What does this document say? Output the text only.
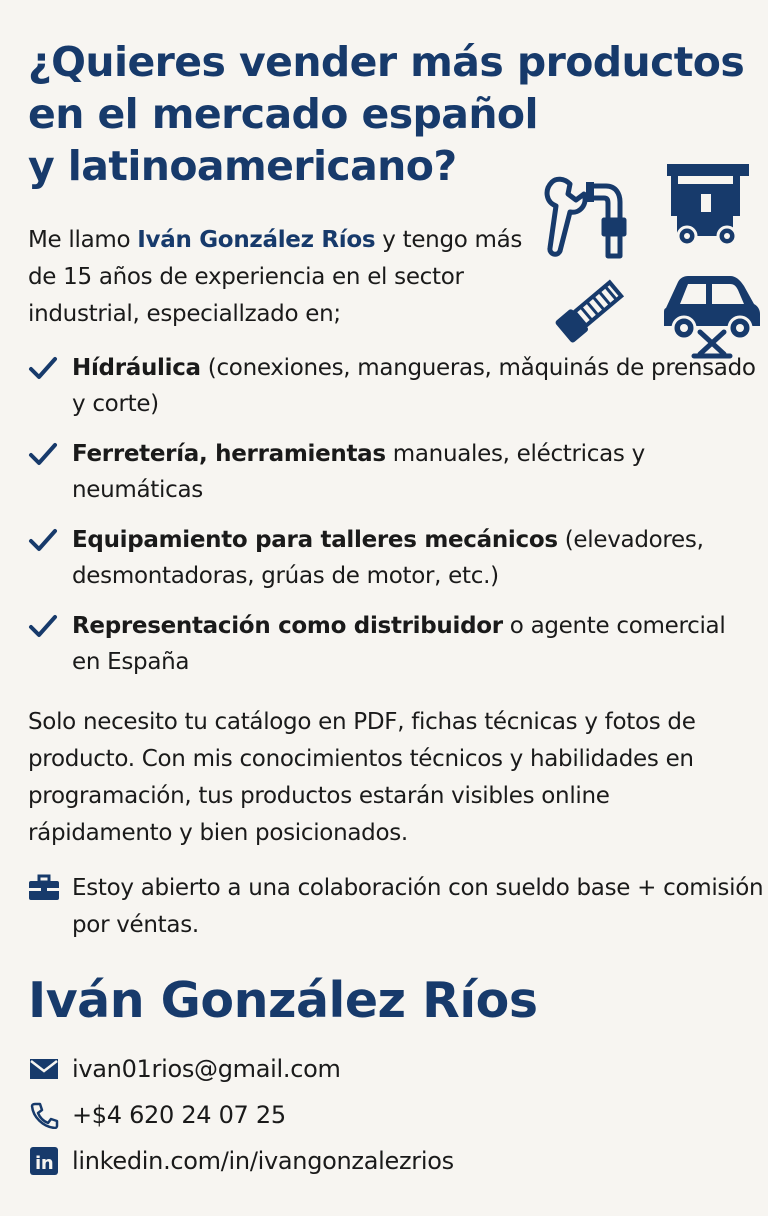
¿Quieres vender más productos
en el mercado español
y latinoamericano?

Me llamo Iván González Ríos y tengo más de 15 años de experiencia en el sector industrial, especiallzado en;

Hídráulica (conexiones, mangueras, mǎquinás de prensado y corte)
Ferretería, herramientas manuales, eléctricas y neumáticas
Equipamiento para talleres mecánicos (elevadores, desmontadoras, grúas de motor, etc.)
Representación como distribuidor o agente comercial en España

Solo necesito tu catálogo en PDF, fichas técnicas y fotos de producto. Con mis conocimientos técnicos y habilidades en programación, tus productos estarán visibles online rápidamento y bien posicionados.

Estoy abierto a una colaboración con sueldo base + comisión por véntas.

Iván González Ríos
ivan01rios@gmail.com
+$4 620 24 07 25
in linkedin.com/in/ivangonzalezrios
